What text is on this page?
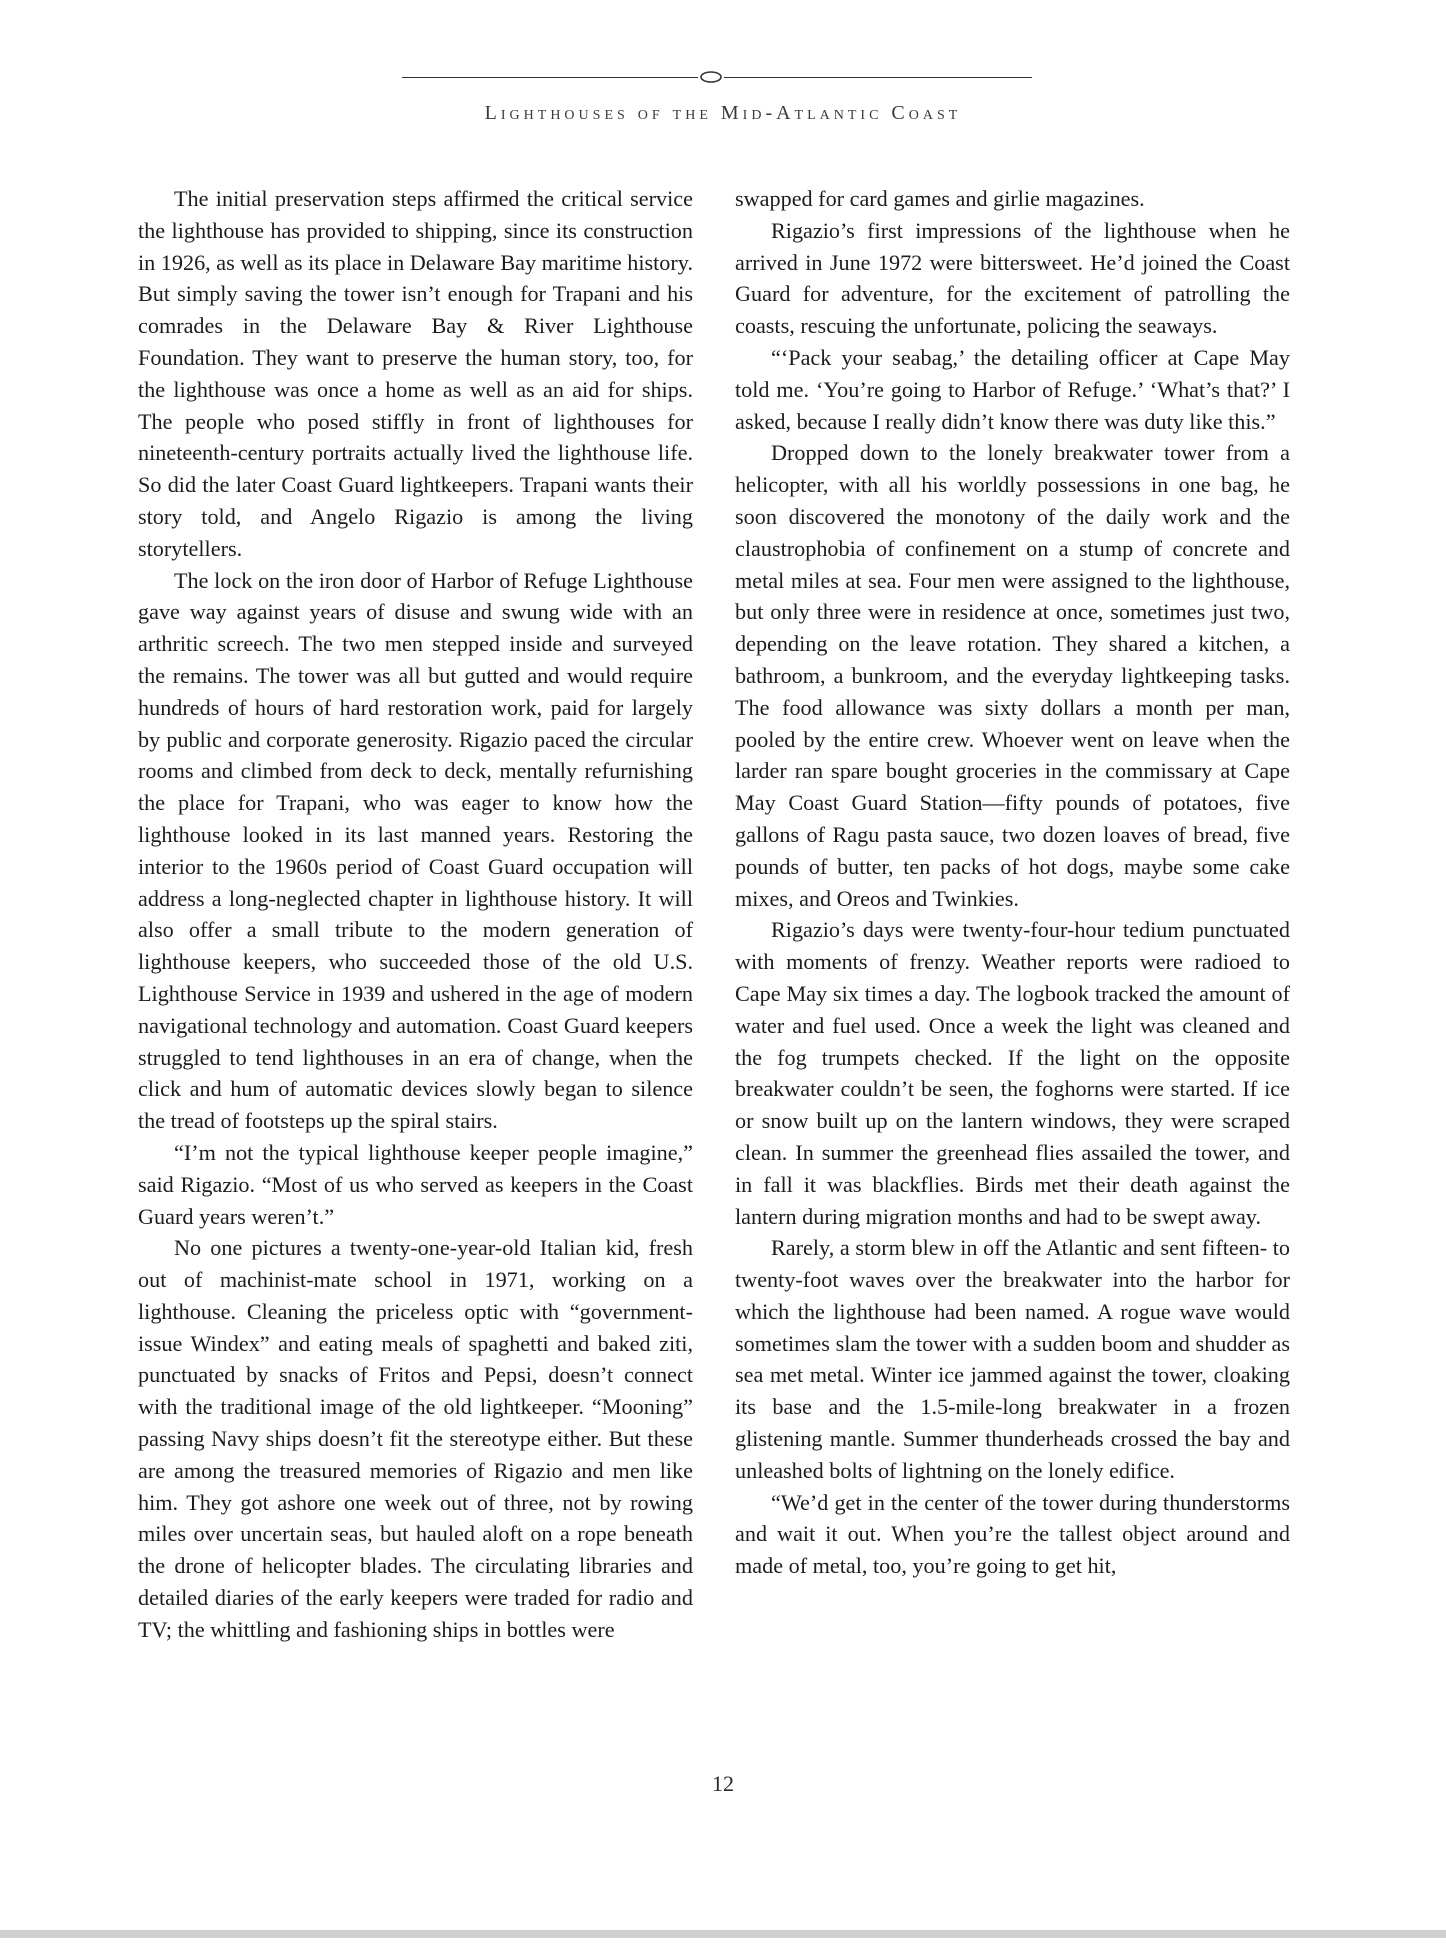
Lighthouses of the Mid-Atlantic Coast

The initial preservation steps affirmed the critical service the lighthouse has provided to shipping, since its construction in 1926, as well as its place in Delaware Bay maritime history. But simply saving the tower isn’t enough for Trapani and his comrades in the Delaware Bay & River Lighthouse Foundation. They want to preserve the human story, too, for the lighthouse was once a home as well as an aid for ships. The people who posed stiffly in front of lighthouses for nineteenth-century portraits actually lived the lighthouse life. So did the later Coast Guard lightkeepers. Trapani wants their story told, and Angelo Rigazio is among the living storytellers.

The lock on the iron door of Harbor of Refuge Lighthouse gave way against years of disuse and swung wide with an arthritic screech. The two men stepped inside and surveyed the remains. The tower was all but gutted and would require hundreds of hours of hard restoration work, paid for largely by public and corporate generosity. Rigazio paced the circular rooms and climbed from deck to deck, mentally refurnishing the place for Trapani, who was eager to know how the lighthouse looked in its last manned years. Restoring the interior to the 1960s period of Coast Guard occupation will address a long-neglected chapter in lighthouse history. It will also offer a small tribute to the modern generation of lighthouse keepers, who succeeded those of the old U.S. Lighthouse Service in 1939 and ushered in the age of modern navigational technology and automation. Coast Guard keepers struggled to tend lighthouses in an era of change, when the click and hum of automatic devices slowly began to silence the tread of footsteps up the spiral stairs.

“I’m not the typical lighthouse keeper people imagine,” said Rigazio. “Most of us who served as keepers in the Coast Guard years weren’t.”

No one pictures a twenty-one-year-old Italian kid, fresh out of machinist-mate school in 1971, working on a lighthouse. Cleaning the priceless optic with “government-issue Windex” and eating meals of spaghetti and baked ziti, punctuated by snacks of Fritos and Pepsi, doesn’t connect with the traditional image of the old lightkeeper. “Mooning” passing Navy ships doesn’t fit the stereotype either. But these are among the treasured memories of Rigazio and men like him. They got ashore one week out of three, not by rowing miles over uncertain seas, but hauled aloft on a rope beneath the drone of helicopter blades. The circulating libraries and detailed diaries of the early keepers were traded for radio and TV; the whittling and fashioning ships in bottles were

swapped for card games and girlie magazines.

Rigazio’s first impressions of the lighthouse when he arrived in June 1972 were bittersweet. He’d joined the Coast Guard for adventure, for the excitement of patrolling the coasts, rescuing the unfortunate, policing the seaways.

“‘Pack your seabag,’ the detailing officer at Cape May told me. ‘You’re going to Harbor of Refuge.’ ‘What’s that?’ I asked, because I really didn’t know there was duty like this.”

Dropped down to the lonely breakwater tower from a helicopter, with all his worldly possessions in one bag, he soon discovered the monotony of the daily work and the claustrophobia of confinement on a stump of concrete and metal miles at sea. Four men were assigned to the lighthouse, but only three were in residence at once, sometimes just two, depending on the leave rotation. They shared a kitchen, a bathroom, a bunkroom, and the everyday lightkeeping tasks. The food allowance was sixty dollars a month per man, pooled by the entire crew. Whoever went on leave when the larder ran spare bought groceries in the commissary at Cape May Coast Guard Station—fifty pounds of potatoes, five gallons of Ragu pasta sauce, two dozen loaves of bread, five pounds of butter, ten packs of hot dogs, maybe some cake mixes, and Oreos and Twinkies.

Rigazio’s days were twenty-four-hour tedium punctuated with moments of frenzy. Weather reports were radioed to Cape May six times a day. The logbook tracked the amount of water and fuel used. Once a week the light was cleaned and the fog trumpets checked. If the light on the opposite breakwater couldn’t be seen, the foghorns were started. If ice or snow built up on the lantern windows, they were scraped clean. In summer the greenhead flies assailed the tower, and in fall it was blackflies. Birds met their death against the lantern during migration months and had to be swept away.

Rarely, a storm blew in off the Atlantic and sent fifteen- to twenty-foot waves over the breakwater into the harbor for which the lighthouse had been named. A rogue wave would sometimes slam the tower with a sudden boom and shudder as sea met metal. Winter ice jammed against the tower, cloaking its base and the 1.5-mile-long breakwater in a frozen glistening mantle. Summer thunderheads crossed the bay and unleashed bolts of lightning on the lonely edifice.

“We’d get in the center of the tower during thunderstorms and wait it out. When you’re the tallest object around and made of metal, too, you’re going to get hit,

12
